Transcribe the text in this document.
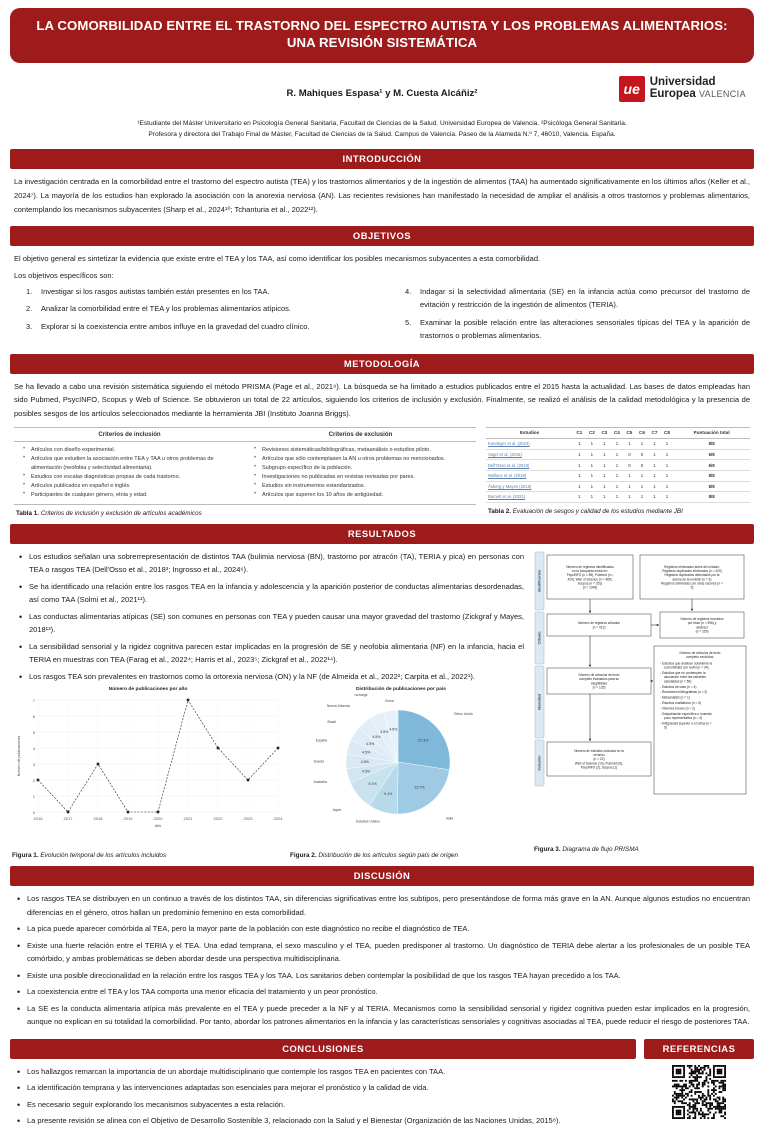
LA COMORBILIDAD ENTRE EL TRASTORNO DEL ESPECTRO AUTISTA Y LOS PROBLEMAS ALIMENTARIOS:
UNA REVISIÓN SISTEMÁTICA
R. Mahiques Espasa¹ y M. Cuesta Alcáñiz²	ue Universidad
Europea VALENCIA
¹Estudiante del Máster Universitario en Psicología General Sanitaria, Facultad de Ciencias de la Salud. Universidad Europea de Valencia. ²Psicóloga General Sanitaria.
Profesora y directora del Trabajo Final de Máster, Facultad de Ciencias de la Salud. Campus de Valencia. Paseo de la Alameda N.º 7, 46010, Valencia. España.
INTRODUCCIÓN

La investigación centrada en la comorbilidad entre el trastorno del espectro autista (TEA) y los trastornos alimentarios y de la ingestión de alimentos (TAA) ha aumentado significativamente en los últimos años (Keller et al., 2024⁷). La mayoría de los estudios han explorado la asociación con la anorexia nerviosa (AN). Las recientes revisiones han manifestado la necesidad de ampliar el análisis a otros trastornos y problemas alimentarios, contemplando los mecanismos subyacentes (Sharp et al., 2024¹⁰; Tchanturia et al., 2022¹²).

OBJETIVOS

El objetivo general es sintetizar la evidencia que existe entre el TEA y los TAA, así como identificar los posibles mecanismos subyacentes a esta comorbilidad.

Los objetivos específicos son:

1. Investigar si los rasgos autistas también están presentes en los TAA.
2. Analizar la comorbilidad entre el TEA y los problemas alimentarios atípicos.
3. Explorar si la coexistencia entre ambos influye en la gravedad del cuadro clínico.
4. Indagar si la selectividad alimentaria (SE) en la infancia actúa como precursor del trastorno de evitación y restricción de la ingestión de alimentos (TERIA).
5. Examinar la posible relación entre las alteraciones sensoriales típicas del TEA y la aparición de trastornos o problemas alimentarios.
METODOLOGÍA

Se ha llevado a cabo una revisión sistemática siguiendo el método PRISMA (Page et al., 2021⁹). La búsqueda se ha limitado a estudios publicados entre el 2015 hasta la actualidad. Las bases de datos empleadas han sido Pubmed, PsycINFO, Scopus y Web of Science. Se obtuvieron un total de 22 artículos, siguiendo los criterios de inclusión y exclusión. Finalmente, se realizó el análisis de la calidad metodológica y la presencia de posibles sesgos de los artículos seleccionados mediante la herramienta JBI (Instituto Joanna Briggs).

Criterios de inclusión	Criterios de exclusión
• Artículos con diseño experimental.
• Artículos que estudien la asociación entre TEA y TAA u otros problemas de alimentación (neofobia y selectividad alimentaria).
• Estudios con escalas diagnósticas propias de cada trastorno.
• Artículos publicados en español e inglés.
• Participantes de cualquier género, etnia y edad.
• Revisiones sistemáticas/bibliográficas, metaanálisis o estudios piloto.
• Artículos que sólo contemplasen la AN u otros problemas no mencionados.
• Subgrupo específico de la población.
• Investigaciones no publicadas en revistas revisadas por pares.
• Estudios sin instrumentos estandarizados.
• Artículos que superen los 10 años de antigüedad.
Tabla 1. Criterios de inclusión y exclusión de artículos académicos
Estudios	C1	C2	C3	C4	C5	C6	C7	C8	Puntuación total
Kandeger et al. (2024)	1	1	1	1	1	1	1	1	8/8
Vagni et al. (2016)	1	1	1	1	0	0	1	1	6/8
Dell'Osso et al. (2018)	1	1	1	1	0	0	1	1	6/8
Wallace et al. (2018)	1	1	1	1	1	1	1	1	8/8
Åsberg y Mayes (2018)	1	1	1	1	1	1	1	1	8/8
Barnett et al. (2021)	1	1	1	1	1	1	1	1	8/8
Tabla 2. Evaluación de sesgos y calidad de los estudios mediante JBI
RESULTADOS
• Los estudios señalan una sobrerrepresentación de distintos TAA (bulimia nerviosa (BN), trastorno por atracón (TA), TERIA y pica) en personas con TEA o rasgos TEA (Dell'Osso et al., 2018³; Ingrosso et al., 2024⁶).
• Se ha identificado una relación entre los rasgos TEA en la infancia y adolescencia y la aparición posterior de conductas alimentarias desordenadas, así como TAA (Solmi et al., 2021¹¹).
• Las conductas alimentarias atípicas (SE) son comunes en personas con TEA y pueden causar una mayor gravedad del trastorno (Zickgraf y Mayes, 2018¹³).
• La sensibilidad sensorial y la rigidez cognitiva parecen estar implicadas en la progresión de SE y neofobia alimentaria (NF) en la infancia, hacia el TERIA en muestras con TEA (Farag et al., 2022⁴; Harris et al., 2023⁵; Zickgraf et al., 2022¹⁴).
• Los rasgos TEA son prevalentes en trastornos como la ortorexia nerviosa (ON) y la NF (de Almeida et al., 2022²; Carpita et al., 2022¹).
Número de publicaciones por año
0
1
2
3
4
5
6
7
2016	2017	2018	2019	2020	2021	2022	2023	2024
Año
Número de publicaciones
Figura 1. Evolución temporal de los artículos incluidos
Distribución de publicaciones por país
27.3%
Reino Unido
22.7%
Italia
9.1%
Estados Unidos
9.1%
Japón
4.5%
Australia
4.5%
Suecia
4.5%
España
4.5%
Brasil
4.5%
Nueva Zelanda
4.5%
Noruega
4.5%
China
Figura 2. Distribución de los artículos según país de origen
Identificación
Cribado
Idoneidad
Inclusión
Número de registros identificados
en la búsqueda inicial en:
PsycINFO (n = 85), Pubmed (n =
424), Web of Science (n = 489),
Scopus (n = 351)
(n = 1349)
Registros eliminados antes del cribado:
Registros duplicados eliminados (n = 420)
Registros duplicados detectados por la
autora de la revisión (n = 6)
Registros eliminados por otras razones (n =
5)
Número de registros cribados
(n = 912)
Número de registros excluidos
por título (n = 598) y
abstract
(n = 229)
Número de artículos de texto
completo evaluados para su
elegibilidad
(n = 135)
Número de estudios incluidos en la
revisión
(n = 22)
Web of Science (10), Pubmed (9),
PsycINFO (2), Scopus (1)
Número de artículos de texto
completo excluidos:
- Estudios que analicen solamente la
comorbilidad con la AN (n = 34)
- Estudios que no contemplen la
asociación entre las variables
estudiadas (n = 56)
- Estudios de caso (n = 4)
- Revisiones bibliográficas (n = 2)
- Metaanálisis (n = 1)
- Estudios cualitativos (n = 5)
- Informes breves (n = 2)
- Subpoblación específica o muestra
poco representativa (n = 4)
- Antigüedad superior a 10 años (n =
5)
Figura 3. Diagrama de flujo PRISMA
DISCUSIÓN
• Los rasgos TEA se distribuyen en un continuo a través de los distintos TAA, sin diferencias significativas entre los subtipos, pero presentándose de forma más grave en la AN. Aunque algunos estudios no encuentran diferencias en el género, otros hallan un predominio femenino en esta comorbilidad.
• La pica puede aparecer comórbida al TEA, pero la mayor parte de la población con este diagnóstico no recibe el diagnóstico de TEA.
• Existe una fuerte relación entre el TERIA y el TEA. Una edad temprana, el sexo masculino y el TEA, pueden predisponer al trastorno. Un diagnóstico de TERIA debe alertar a los profesionales de un posible TEA comórbido, y ambas problemáticas se deben abordar desde una perspectiva multidisciplinaria.
• Existe una posible direccionalidad en la relación entre los rasgos TEA y los TAA. Los sanitarios deben contemplar la posibilidad de que los rasgos TEA hayan precedido a los TAA.
• La coexistencia entre el TEA y los TAA comporta una menor eficacia del tratamiento y un peor pronóstico.
• La SE es la conducta alimentaria atípica más prevalente en el TEA y puede preceder a la NF y al TERIA. Mecanismos como la sensibilidad sensorial y rigidez cognitiva pueden estar implicados en la progresión, aunque no explican en su totalidad la comorbilidad. Por tanto, abordar los patrones alimentarios en la infancia y las características sensoriales y cognitivas asociadas al TEA, puede reducir el riesgo de posteriores TAA.
CONCLUSIONES
• Los hallazgos remarcan la importancia de un abordaje multidisciplinario que contemple los rasgos TEA en pacientes con TAA.
• La identificación temprana y las intervenciones adaptadas son esenciales para mejorar el pronóstico y la calidad de vida.
• Es necesario seguir explorando los mecanismos subyacentes a esta relación.
• La presente revisión se alinea con el Objetivo de Desarrollo Sostenible 3, relacionado con la Salud y el Bienestar (Organización de las Naciones Unidas, 2015⁸).
REFERENCIAS
